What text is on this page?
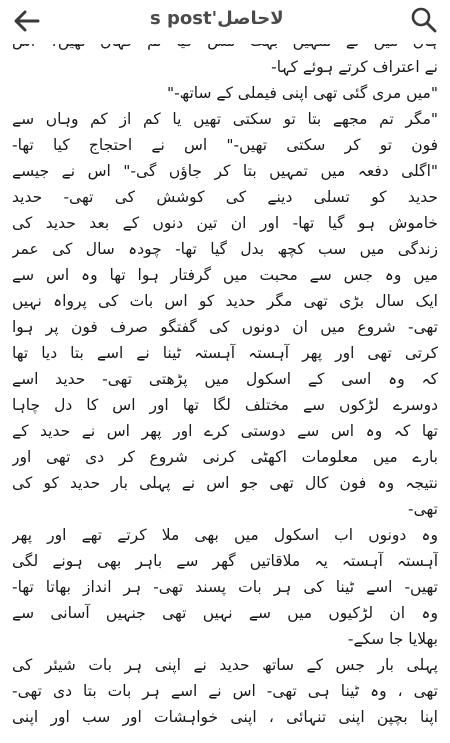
لاحاصل's post
نے اعتراف کرتے ہوئے کہا-
"میں مری گئی تھی اپنی فیملی کے ساتھ-"
"مگر تم مجھے بتا تو سکتی تھیں یا کم از کم وہاں سے
فون تو کر سکتی تھیں-" اس نے احتجاج کیا تھا-
"اگلی دفعہ میں تمہیں بتا کر جاؤں گی-" اس نے جیسے
حدید کو تسلی دینے کی کوشش کی تھی- حدید
خاموش ہو گیا تھا- اور ان تین دنوں کے بعد حدید کی
زندگی میں سب کچھ بدل گیا تھا- چودہ سال کی عمر
میں وہ جس سے محبت میں گرفتار ہوا تھا وہ اس سے
ایک سال بڑی تھی مگر حدید کو اس بات کی پرواہ نہیں
تھی- شروع میں ان دونوں کی گفتگو صرف فون پر ہوا
کرتی تھی اور پھر آہستہ آہستہ ٹینا نے اسے بتا دیا تھا
کہ وہ اسی کے اسکول میں پڑھتی تھی- حدید اسے
دوسرے لڑکوں سے مختلف لگا تھا اور اس کا دل چاہا
تھا کہ وہ اس سے دوستی کرے اور پھر اس نے حدید کے
بارے میں معلومات اکھٹی کرنی شروع کر دی تھی اور
نتیجہ وہ فون کال تھی جو اس نے پہلی بار حدید کو کی
تھی-
وہ دونوں اب اسکول میں بھی ملا کرتے تھے اور پھر
آہستہ آہستہ یہ ملاقاتیں گھر سے باہر بھی ہونے لگی
تھیں- اسے ٹینا کی ہر بات پسند تھی- ہر انداز بھاتا تھا-
وہ ان لڑکیوں میں سے نہیں تھی جنہیں آسانی سے
بھلایا جا سکے-
پہلی بار جس کے ساتھ حدید نے اپنی ہر بات شیئر کی
تھی ، وہ ٹینا ہی تھی- اس نے اسے ہر بات بتا دی تھی-
اپنا بچپن اپنی تنہائی ، اپنی خواہشات اور سب اور اپنی
